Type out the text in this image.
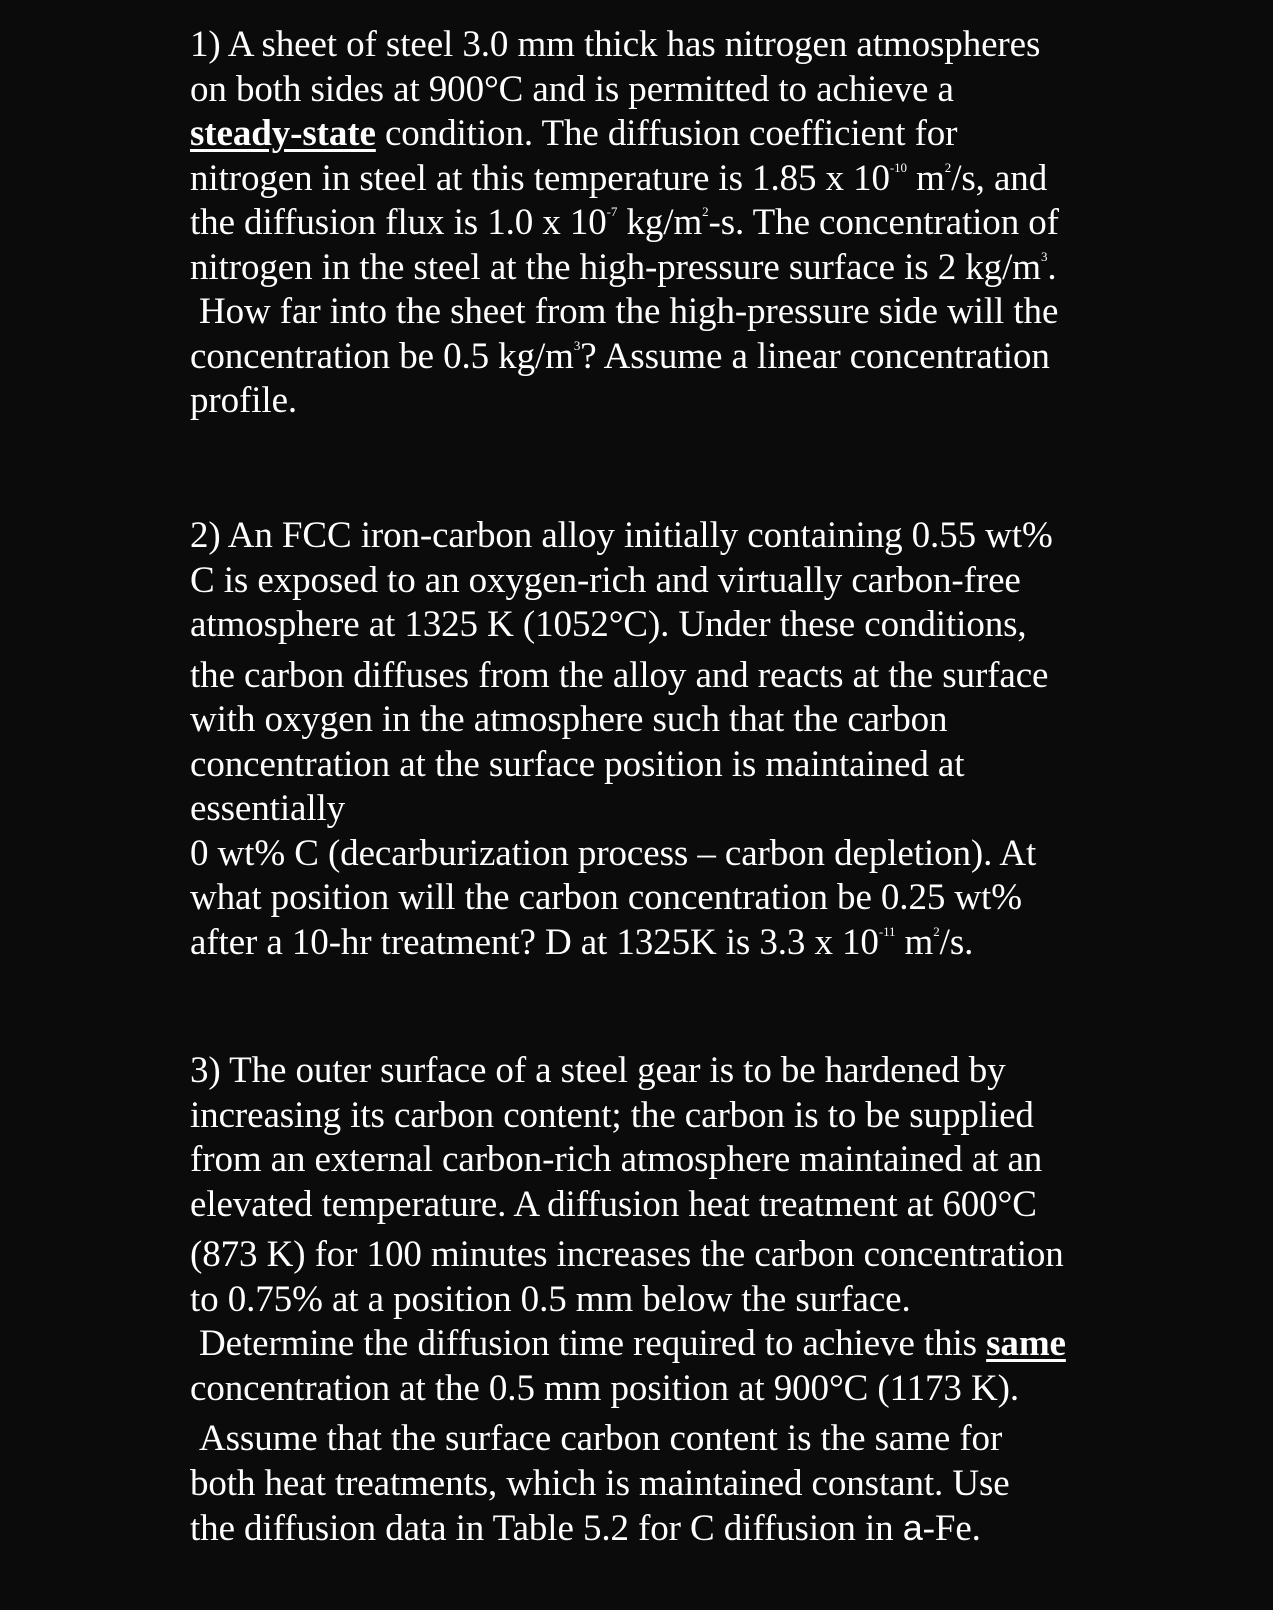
1) A sheet of steel 3.0 mm thick has nitrogen atmospheres
on both sides at 900°C and is permitted to achieve a
steady-state condition. The diffusion coefficient for
nitrogen in steel at this temperature is 1.85 x $10^{-10}$ $m^2/s$, and
the diffusion flux is 1.0 x $10^{-7}$ $kg/m^2-s$. The concentration of
nitrogen in the steel at the high-pressure surface is 2 $kg/m^3$.
How far into the sheet from the high-pressure side will the
concentration be 0.5 $kg/m^3$? Assume a linear concentration
profile.
2) An FCC iron-carbon alloy initially containing 0.55 wt%
C is exposed to an oxygen-rich and virtually carbon-free
atmosphere at 1325 K (1052°C). Under these conditions,
the carbon diffuses from the alloy and reacts at the surface
with oxygen in the atmosphere such that the carbon
concentration at the surface position is maintained at
essentially
0 wt% C (decarburization process – carbon depletion). At
what position will the carbon concentration be 0.25 wt%
after a 10-hr treatment? D at 1325K is 3.3 x $10^{-11}$ $m^2/s$.
3) The outer surface of a steel gear is to be hardened by
increasing its carbon content; the carbon is to be supplied
from an external carbon-rich atmosphere maintained at an
elevated temperature. A diffusion heat treatment at 600°C
(873 K) for 100 minutes increases the carbon concentration
to 0.75% at a position 0.5 mm below the surface.
Determine the diffusion time required to achieve this same
concentration at the 0.5 mm position at 900°C (1173 K).
Assume that the surface carbon content is the same for
both heat treatments, which is maintained constant. Use
the diffusion data in Table 5.2 for C diffusion in a-Fe.
